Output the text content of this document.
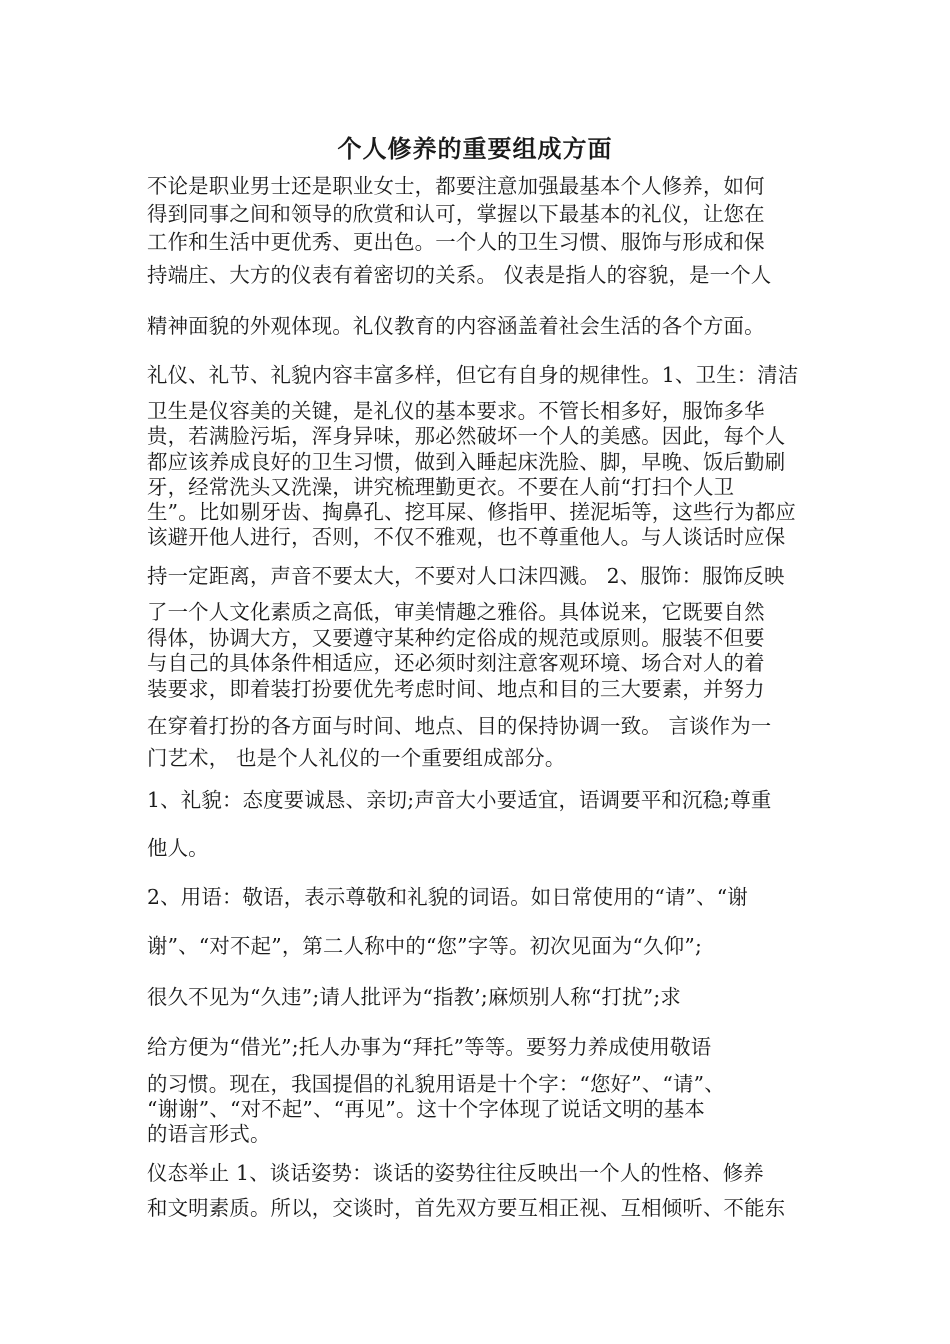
个人修养的重要组成方面
不论是职业男士还是职业女士，都要注意加强最基本个人修养，如何
得到同事之间和领导的欣赏和认可，掌握以下最基本的礼仪，让您在
工作和生活中更优秀、更出色。一个人的卫生习惯、服饰与形成和保
持端庄、大方的仪表有着密切的关系。 仪表是指人的容貌，是一个人
精神面貌的外观体现。礼仪教育的内容涵盖着社会生活的各个方面。
礼仪、礼节、礼貌内容丰富多样，但它有自身的规律性。1、卫生：清洁
卫生是仪容美的关键，是礼仪的基本要求。不管长相多好，服饰多华
贵，若满脸污垢，浑身异味，那必然破坏一个人的美感。因此，每个人
都应该养成良好的卫生习惯，做到入睡起床洗脸、脚，早晚、饭后勤刷
牙，经常洗头又洗澡，讲究梳理勤更衣。不要在人前“打扫个人卫
生”。比如剔牙齿、掏鼻孔、挖耳屎、修指甲、搓泥垢等，这些行为都应
该避开他人进行，否则，不仅不雅观，也不尊重他人。与人谈话时应保
持一定距离，声音不要太大，不要对人口沫四溅。 2、服饰：服饰反映
了一个人文化素质之高低，审美情趣之雅俗。具体说来，它既要自然
得体，协调大方，又要遵守某种约定俗成的规范或原则。服装不但要
与自己的具体条件相适应，还必须时刻注意客观环境、场合对人的着
装要求，即着装打扮要优先考虑时间、地点和目的三大要素，并努力
在穿着打扮的各方面与时间、地点、目的保持协调一致。 言谈作为一
门艺术， 也是个人礼仪的一个重要组成部分。
1、礼貌：态度要诚恳、亲切;声音大小要适宜，语调要平和沉稳;尊重
他人。
2、用语：敬语，表示尊敬和礼貌的词语。如日常使用的“请”、“谢
谢”、“对不起”，第二人称中的“您”字等。初次见面为“久仰”;
很久不见为“久违”;请人批评为“指教’;麻烦别人称“打扰”;求
给方便为“借光”;托人办事为“拜托”等等。要努力养成使用敬语
的习惯。现在，我国提倡的礼貌用语是十个字：“您好”、“请”、
“谢谢”、“对不起”、“再见”。这十个字体现了说话文明的基本
的语言形式。
仪态举止 1、谈话姿势：谈话的姿势往往反映出一个人的性格、修养
和文明素质。所以，交谈时，首先双方要互相正视、互相倾听、不能东
